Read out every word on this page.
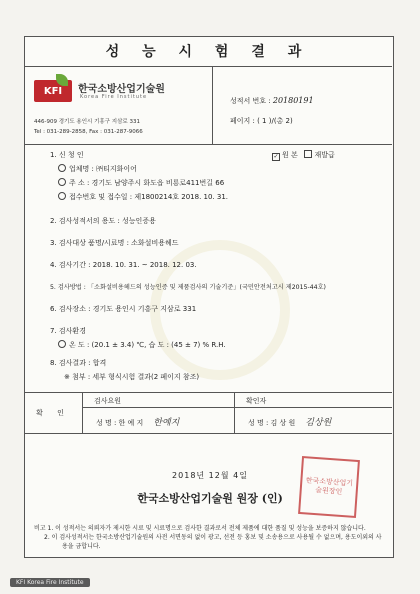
성 능 시 험 결 과
KFI	한국소방산업기술원
Korea Fire Institute
446-909 경기도 용인시 기흥구 지삼로 331
Tel : 031-289-2858, Fax : 031-287-9066
성적서 번호 : 20180191
페이지 : ( 1 )/(총 2)
✓ 원 본 재발급
1. 신 청 인
업체명 : ㈜티지화이어
주 소 : 경기도 남양주시 화도읍 비룡로411번길 66
접수번호 및 접수일 : 제1800214호 2018. 10. 31.
2. 검사성적서의 용도 : 성능인증용
3. 검사대상 품명/시료명 : 소화설비용헤드
4. 검사기간 : 2018. 10. 31. ~ 2018. 12. 03.
5. 검사방법 : 「소화설비용헤드의 성능인증 및 제품검사의 기술기준」(국민안전처고시 제2015-44호)
6. 검사장소 : 경기도 용인시 기흥구 지삼로 331
7. 검사환경
온 도 : (20.1 ± 3.4) ℃, 습 도 : (45 ± 7) % R.H.
8. 검사결과 : 합격
※ 첨부 : 세부 형식시험 결과(2 페이지 참조)
확 인
검사요원
성 명 : 한 예 지 한예지
확인자
성 명 : 김 상 원 김상원
2018년 12월 4일
한국소방산업기술원장인
한국소방산업기술원 원장 (인)
비고 1. 이 성적서는 의뢰자가 제시한 시료 및 시료명으로 검사한 결과로서 전체 제품에 대한 품질 및 성능을 보증하지 않습니다.
2. 이 검사성적서는 한국소방산업기술원의 사전 서면동의 없이 광고, 선전 등 홍보 및 소송용으로 사용될 수 없으며, 용도이외의 사용을 금합니다.
KFI Korea Fire Institute
